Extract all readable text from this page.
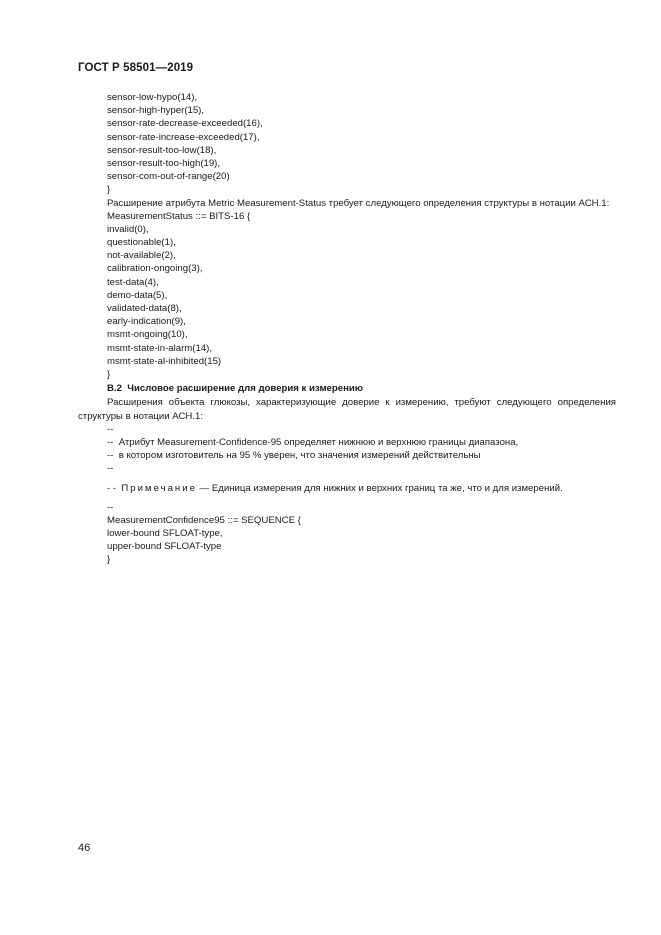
ГОСТ Р 58501—2019
sensor-low-hypo(14),
sensor-high-hyper(15),
sensor-rate-decrease-exceeded(16),
sensor-rate-increase-exceeded(17),
sensor-result-too-low(18),
sensor-result-too-high(19),
sensor-com-out-of-range(20)
}
Расширение атрибута Metric Measurement-Status требует следующего определения структуры в нотации АСН.1:
MeasurementStatus ::= BITS-16 {
invalid(0),
questionable(1),
not-available(2),
calibration-ongoing(3),
test-data(4),
demo-data(5),
validated-data(8),
early-indication(9),
msmt-ongoing(10),
msmt-state-in-alarm(14),
msmt-state-al-inhibited(15)
}
B.2 Числовое расширение для доверия к измерению
Расширения объекта глюкозы, характеризующие доверие к измерению, требуют следующего определения структуры в нотации АСН.1:
--
--  Атрибут Measurement-Confidence-95 определяет нижнюю и верхнюю границы диапазона,
--  в котором изготовитель на 95 % уверен, что значения измерений действительны
--
- -  Примечание — Единица измерения для нижних и верхних границ та же, что и для измерений.
--
MeasurementConfidence95 ::= SEQUENCE {
lower-bound SFLOAT-type,
upper-bound SFLOAT-type
}
46
